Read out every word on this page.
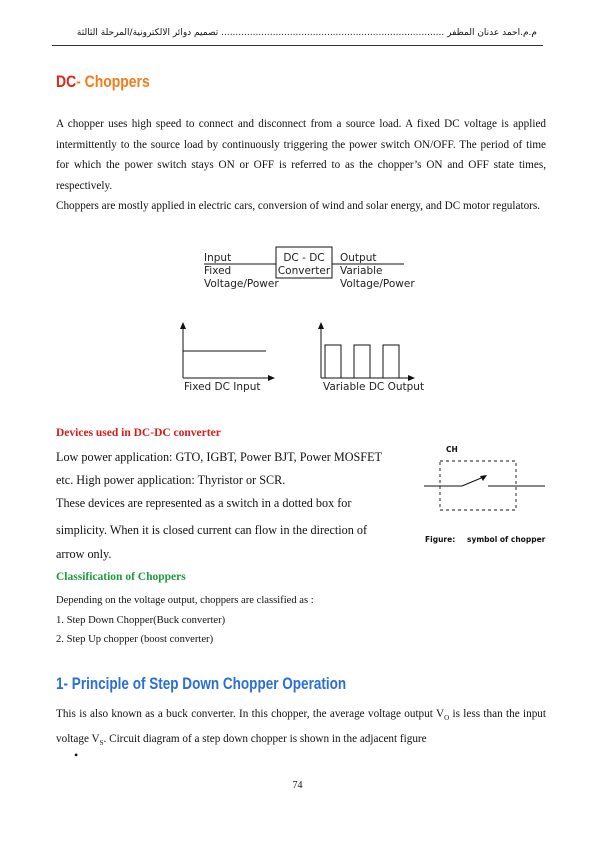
م.م.احمد عدنان المظفر .............................................................................. تصميم دوائر الالكترونية/المرحلة الثالثة
DC- Choppers
A chopper uses high speed to connect and disconnect from a source load. A fixed DC voltage is applied intermittently to the source load by continuously triggering the power switch ON/OFF. The period of time for which the power switch stays ON or OFF is referred to as the chopper’s ON and OFF state times, respectively.
Choppers are mostly applied in electric cars, conversion of wind and solar energy, and DC motor regulators.
Input
Fixed
Voltage/Power
DC - DC
Converter
Output
Variable
Voltage/Power
Fixed DC Input	Variable DC Output
CH
Figure: symbol of chopper
Devices used in DC-DC converter
Low power application: GTO, IGBT, Power BJT, Power MOSFET
etc. High power application: Thyristor or SCR.
These devices are represented as a switch in a dotted box for
simplicity. When it is closed current can flow in the direction of
arrow only.
Classification of Choppers
Depending on the voltage output, choppers are classified as :
1. Step Down Chopper(Buck converter)
2. Step Up chopper (boost converter)
1- Principle of Step Down Chopper Operation
This is also known as a buck converter. In this chopper, the average voltage output $V_O$ is less than the input voltage $V_S$. Circuit diagram of a step down chopper is shown in the adjacent figure
•
74
